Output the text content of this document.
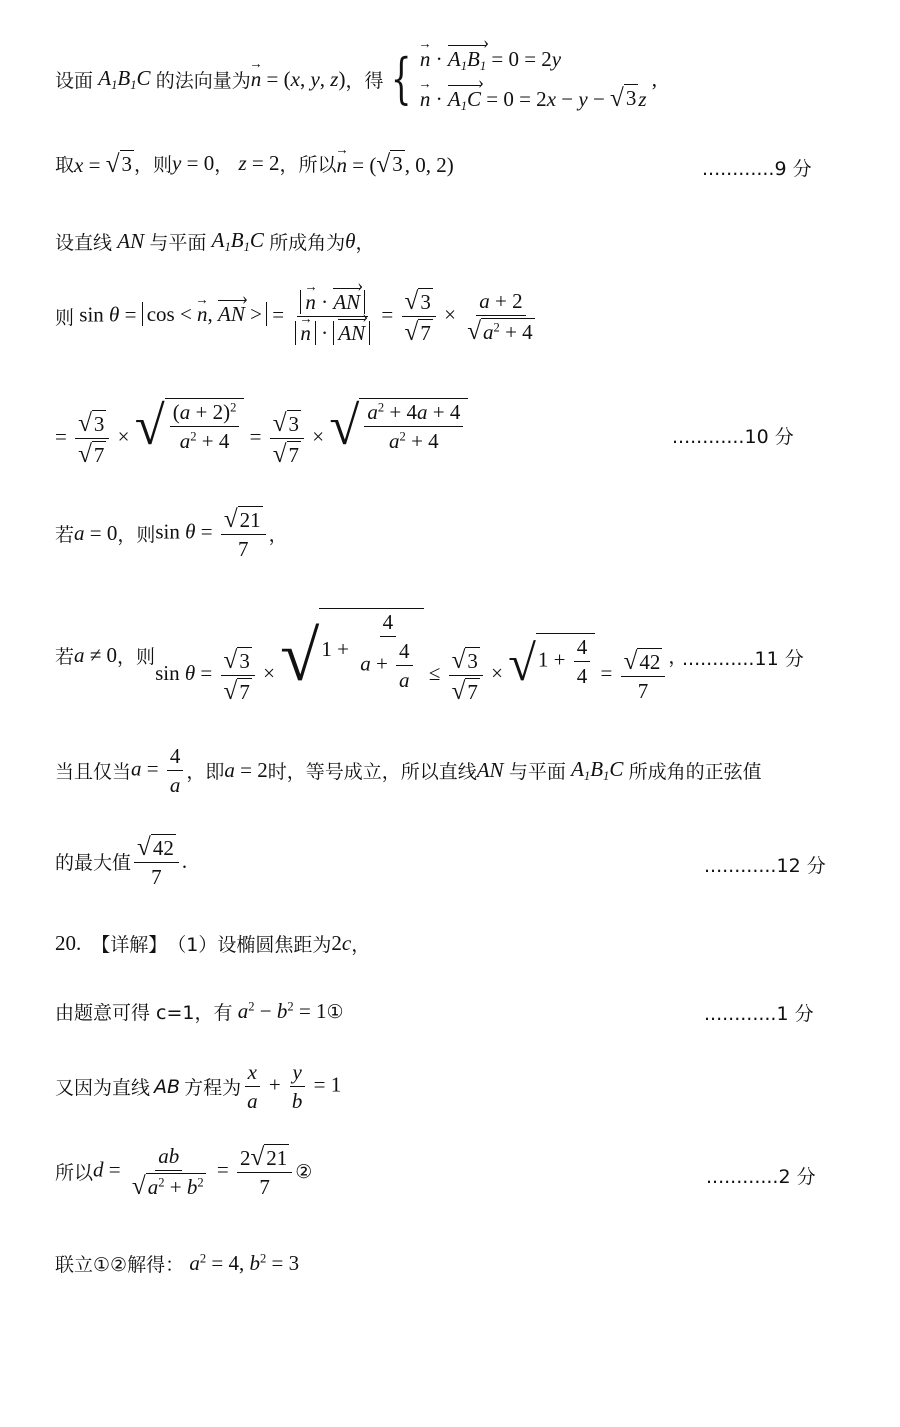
设面 $A_1B_1C$ 的法向量为 → n = (x, y, z) ，得 { → $n \cdot A_1B_1$ › = 0 = 2y
→ $n \cdot A_1C$ › = 0 = 2x − y − √ 3 z
,
取 x = √ 3 ，则 y = 0 ， z = 2 ，所以 → n = ( √ 3 , 0, 2)	............9 分
设直线 AN 与平面 $A_1B_1C$ 所成角为 θ ，
则 sin θ = cos < → n, AN › > = → n · AN ›
→ n · AN › = $\frac{√ 3}{√ 7} \times \frac{a + 2}{√ a^2 + 4}$
= $\frac{√ 3}{√ 7}$ × √ $\frac{(a + 2)^2}{a^2 + 4} = \frac{√ 3}{√ 7}$ × √ $\frac{a^2 + 4a + 4}{a^2 + 4}$	............10 分
若 a = 0 ，则 $\sin \theta = \frac{√ 21}{7}$ ，
若 a ≠ 0 ，则
$\sin \theta = \frac{√ 3}{√ 7}$ × √ $1 + \frac{4}{a + \frac{4}{a}} \le \frac{√ 3}{√ 7}$ × √ $1 + \frac{4}{4} = \frac{√ 42}{7}$ ，
............11 分
当且仅当 $a = \frac{4}{a}$ ，即 a = 2 时，等号成立，所以直线 AN 与平面 $A_1B_1C$ 所成角的正弦值
的最大值 $\frac{√ 42}{7}$ .	............12 分
20. 【详解】 （1）设椭圆焦距为 2c ，
由题意可得 c=1，有 $a^2 - b^2 = 1$ ①	............1 分
又因为直线 AB 方程为 $\frac{x}{a} + \frac{y}{b} = 1$
所以 $d = \frac{ab}{√ a^2 + b^2} = \frac{2 √ 21}{7}$ ②	............2 分
联立①②解得： $a^2 = 4$, $b^2 = 3$
